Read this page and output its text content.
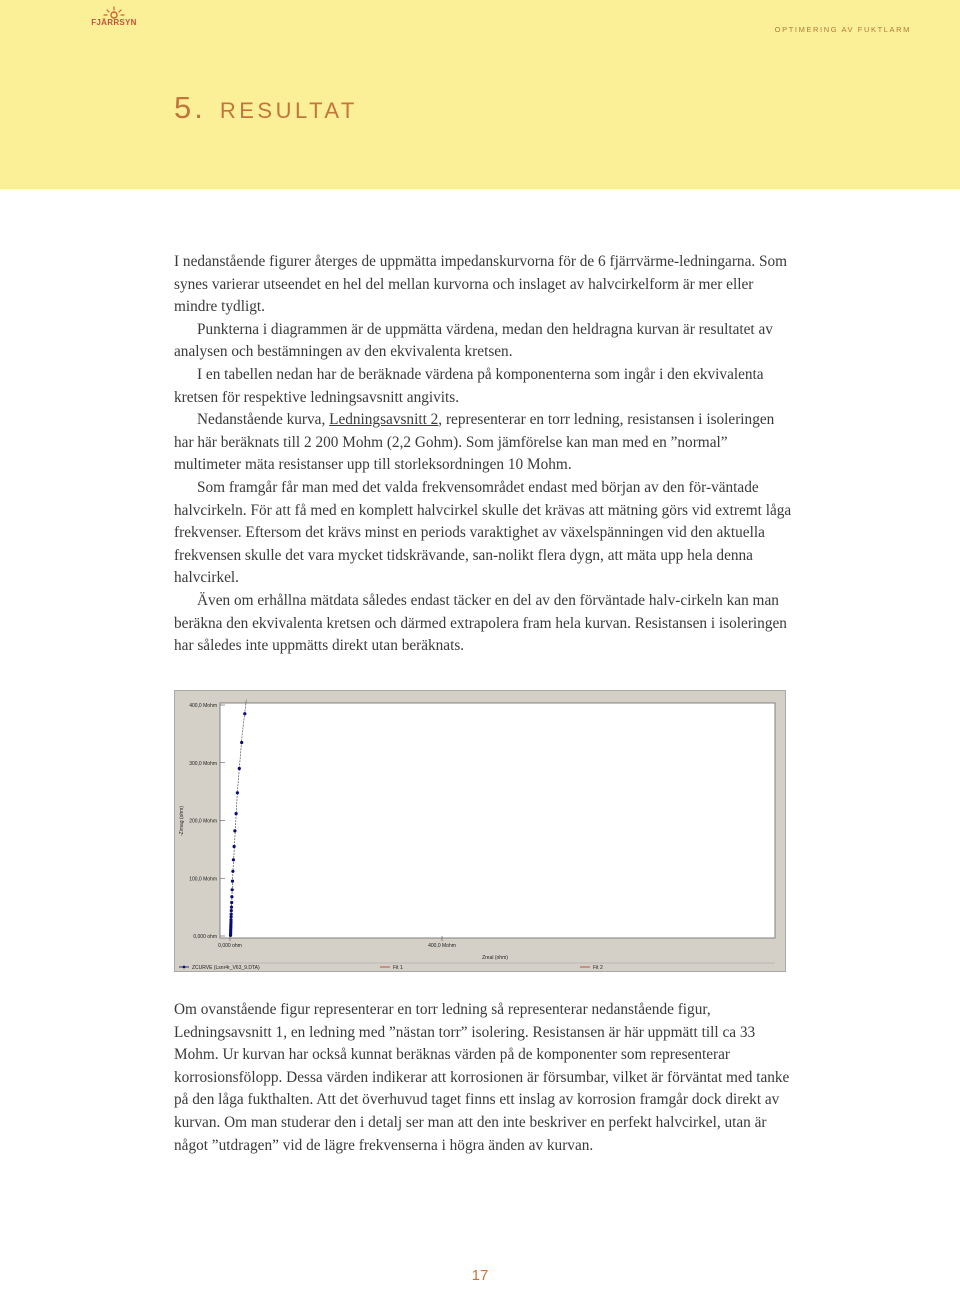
FJÄRRSYN
OPTIMERING AV FUKTLARM
5. resultat

I nedanstående figurer återges de uppmätta impedanskurvorna för de 6 fjärrvärme-ledningarna. Som synes varierar utseendet en hel del mellan kurvorna och inslaget av halvcirkelform är mer eller mindre tydligt.

Punkterna i diagrammen är de uppmätta värdena, medan den heldragna kurvan är resultatet av analysen och bestämningen av den ekvivalenta kretsen.

I en tabellen nedan har de beräknade värdena på komponenterna som ingår i den ekvivalenta kretsen för respektive ledningsavsnitt angivits.

Nedanstående kurva, Ledningsavsnitt 2, representerar en torr ledning, resistansen i isoleringen har här beräknats till 2 200 Mohm (2,2 Gohm). Som jämförelse kan man med en ”normal” multimeter mäta resistanser upp till storleksordningen 10 Mohm.

Som framgår får man med det valda frekvensområdet endast med början av den för-väntade halvcirkeln. För att få med en komplett halvcirkel skulle det krävas att mätning görs vid extremt låga frekvenser. Eftersom det krävs minst en periods varaktighet av växelspänningen vid den aktuella frekvensen skulle det vara mycket tidskrävande, san-nolikt flera dygn, att mäta upp hela denna halvcirkel.

Även om erhållna mätdata således endast täcker en del av den förväntade halv-cirkeln kan man beräkna den ekvivalenta kretsen och därmed extrapolera fram hela kurvan. Resistansen i isoleringen har således inte uppmätts direkt utan beräknats.

0,000 ohm
100,0 Mohm
200,0 Mohm
300,0 Mohm
400,0 Mohm
0,000 ohm	400,0 Mohm
Zreal (ohm)
-Zimag (ohm)
ZCURVE (Lsnr4r_V63_9.DTA)	Fit 1	Fit 2

Om ovanstående figur representerar en torr ledning så representerar nedanstående figur, Ledningsavsnitt 1, en ledning med ”nästan torr” isolering. Resistansen är här uppmätt till ca 33 Mohm. Ur kurvan har också kunnat beräknas värden på de komponenter som representerar korrosionsfölopp. Dessa värden indikerar att korrosionen är försumbar, vilket är förväntat med tanke på den låga fukthalten. Att det överhuvud taget finns ett inslag av korrosion framgår dock direkt av kurvan. Om man studerar den i detalj ser man att den inte beskriver en perfekt halvcirkel, utan är något ”utdragen” vid de lägre frekvenserna i högra änden av kurvan.

17
